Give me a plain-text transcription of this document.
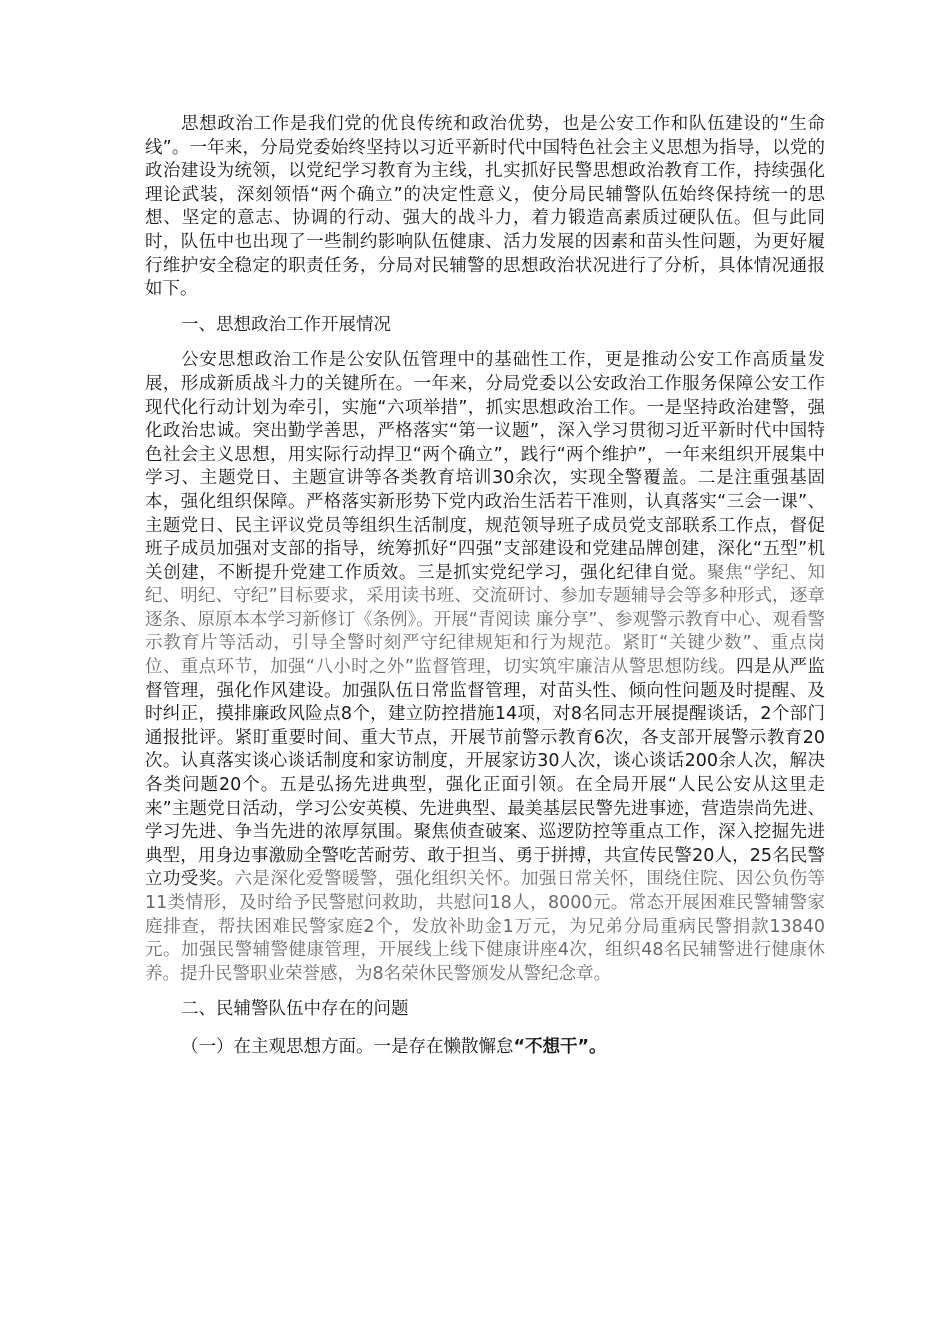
思想政治工作是我们党的优良传统和政治优势，也是公安工作和队伍建设的“生命线”。一年来，分局党委始终坚持以习近平新时代中国特色社会主义思想为指导，以党的政治建设为统领，以党纪学习教育为主线，扎实抓好民警思想政治教育工作，持续强化理论武装，深刻领悟“两个确立”的决定性意义，使分局民辅警队伍始终保持统一的思想、坚定的意志、协调的行动、强大的战斗力，着力锻造高素质过硬队伍。但与此同时，队伍中也出现了一些制约影响队伍健康、活力发展的因素和苗头性问题，为更好履行维护安全稳定的职责任务，分局对民辅警的思想政治状况进行了分析，具体情况通报如下。

一、思想政治工作开展情况

公安思想政治工作是公安队伍管理中的基础性工作，更是推动公安工作高质量发展，形成新质战斗力的关键所在。一年来，分局党委以公安政治工作服务保障公安工作现代化行动计划为牵引，实施“六项举措”，抓实思想政治工作。一是坚持政治建警，强化政治忠诚。突出勤学善思，严格落实“第一议题”，深入学习贯彻习近平新时代中国特色社会主义思想，用实际行动捍卫“两个确立”，践行“两个维护”，一年来组织开展集中学习、主题党日、主题宣讲等各类教育培训30余次，实现全警覆盖。二是注重强基固本，强化组织保障。严格落实新形势下党内政治生活若干准则，认真落实“三会一课”、主题党日、民主评议党员等组织生活制度，规范领导班子成员党支部联系工作点，督促班子成员加强对支部的指导，统筹抓好“四强”支部建设和党建品牌创建，深化“五型”机关创建，不断提升党建工作质效。三是抓实党纪学习，强化纪律自觉。聚焦“学纪、知纪、明纪、守纪”目标要求，采用读书班、交流研讨、参加专题辅导会等多种形式，逐章逐条、原原本本学习新修订《条例》。开展“青阅读 廉分享”、参观警示教育中心、观看警示教育片等活动，引导全警时刻严守纪律规矩和行为规范。紧盯“关键少数”、重点岗位、重点环节，加强“八小时之外”监督管理，切实筑牢廉洁从警思想防线。四是从严监督管理，强化作风建设。加强队伍日常监督管理，对苗头性、倾向性问题及时提醒、及时纠正，摸排廉政风险点8个，建立防控措施14项，对8名同志开展提醒谈话，2个部门通报批评。紧盯重要时间、重大节点，开展节前警示教育6次，各支部开展警示教育20次。认真落实谈心谈话制度和家访制度，开展家访30人次，谈心谈话200余人次，解决各类问题20个。五是弘扬先进典型，强化正面引领。在全局开展“人民公安从这里走来”主题党日活动，学习公安英模、先进典型、最美基层民警先进事迹，营造崇尚先进、学习先进、争当先进的浓厚氛围。聚焦侦查破案、巡逻防控等重点工作，深入挖掘先进典型，用身边事激励全警吃苦耐劳、敢于担当、勇于拼搏，共宣传民警20人，25名民警立功受奖。六是深化爱警暖警，强化组织关怀。加强日常关怀，围绕住院、因公负伤等11类情形，及时给予民警慰问救助，共慰问18人，8000元。常态开展困难民警辅警家庭排查，帮扶困难民警家庭2个，发放补助金1万元，为兄弟分局重病民警捐款13840元。加强民警辅警健康管理，开展线上线下健康讲座4次，组织48名民辅警进行健康休养。提升民警职业荣誉感，为8名荣休民警颁发从警纪念章。

二、民辅警队伍中存在的问题

（一）在主观思想方面。一是存在懒散懈怠“不想干”。
